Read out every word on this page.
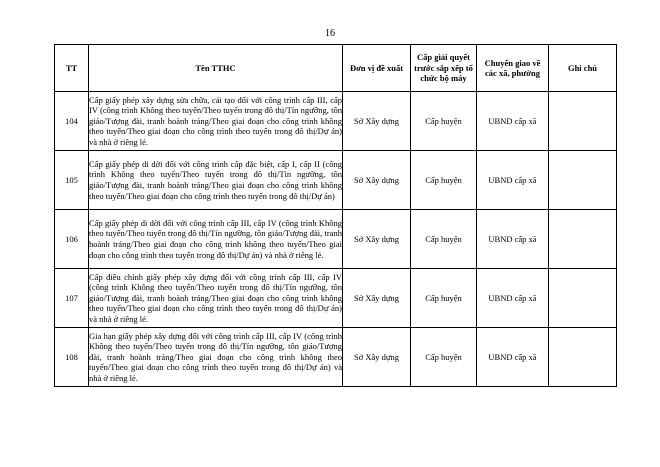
16
TT	Tên TTHC	Đơn vị đề xuất	Cấp giải quyết trước sắp xếp tổ chức bộ máy	Chuyển giao về các xã, phường	Ghi chú
104	Cấp giấy phép xây dựng sửa chữa, cải tạo đối với công trình cấp III, cấp IV (công trình Không theo tuyến/Theo tuyến trong đô thị/Tín ngưỡng, tôn giáo/Tượng đài, tranh hoành tráng/Theo giai đoạn cho công trình không theo tuyến/Theo giai đoạn cho công trình theo tuyến trong đô thị/Dự án) và nhà ở riêng lẻ.	Sở Xây dựng	Cấp huyện	UBND cấp xã	
105	Cấp giấy phép di dời đối với công trình cấp đặc biệt, cấp I, cấp II (công trình Không theo tuyến/Theo tuyến trong đô thị/Tín ngưỡng, tôn giáo/Tượng đài, tranh hoành tráng/Theo giai đoạn cho công trình không theo tuyến/Theo giai đoạn cho công trình theo tuyến trong đô thị/Dự án)	Sở Xây dựng	Cấp huyện	UBND cấp xã	
106	Cấp giấy phép di dời đối với công trình cấp III, cấp IV (công trình Không theo tuyến/Theo tuyến trong đô thị/Tín ngưỡng, tôn giáo/Tượng đài, tranh hoành tráng/Theo giai đoạn cho công trình không theo tuyến/Theo giai đoạn cho công trình theo tuyến trong đô thị/Dự án) và nhà ở riêng lẻ.	Sở Xây dựng	Cấp huyện	UBND cấp xã	
107	Cấp điều chỉnh giấy phép xây dựng đối với công trình cấp III, cấp IV (công trình Không theo tuyến/Theo tuyến trong đô thị/Tín ngưỡng, tôn giáo/Tượng đài, tranh hoành tráng/Theo giai đoạn cho công trình không theo tuyến/Theo giai đoạn cho công trình theo tuyến trong đô thị/Dự án) và nhà ở riêng lẻ.	Sở Xây dựng	Cấp huyện	UBND cấp xã	
108	Gia hạn giấy phép xây dựng đối với công trình cấp III, cấp IV (công trình Không theo tuyến/Theo tuyến trong đô thị/Tín ngưỡng, tôn giáo/Tượng đài, tranh hoành tráng/Theo giai đoạn cho công trình không theo tuyến/Theo giai đoạn cho công trình theo tuyến trong đô thị/Dự án) và nhà ở riêng lẻ.	Sở Xây dựng	Cấp huyện	UBND cấp xã	
